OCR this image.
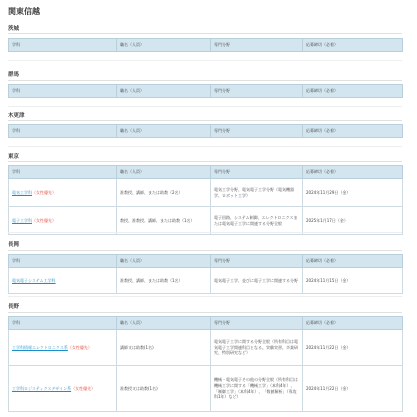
関東信越
茨城
学科	職名（人員）	専門分野	応募締切（必着）
群馬
学科	職名（人員）	専門分野	応募締切（必着）
木更津
学科	職名（人員）	専門分野	応募締切（必着）
東京
学科	職名（人員）	専門分野	応募締切（必着）
電気工学科（女性優先）	准教授、講師、または助教（2名）	電気工学分野、電気電子工学分野（電気機器学、ロボット工学）	2024年11月29日（金）
電子工学科（女性優先）	教授、准教授、講師、または助教（1名）	電子回路、システム制御、エレクトロニクスまたは電気電子工学に関連する分野全般	2025年1月17日（金）
長岡
学科	職名（人員）	専門分野	応募締切（必着）
電気電子システム工学科	准教授、講師、または助教（1名）	電気電子工学、並びに電子工学に関連する分野	2024年11月15日（金）
長野
学科	職名（人員）	専門分野	応募締切（必着）
工学科情報エレクトロニクス系（女性優先）	講師又は助教(1名)	電気電子工学に関する分野全般（所有科目は電気電子工学関連科目となる。実験実習、卒業研究、特別研究など）	2024年11月22日（金）
工学科ロジスティクスデザイン系（女性優先）	准教授又は助教(1名)	機械・電気電子その他の分野全般（所有科目は機械工学に関する「機械工学」（本科4年）、「制御工学」（本科4年）、「数値解析」（専攻科1年）など）	2024年11月22日（金）
